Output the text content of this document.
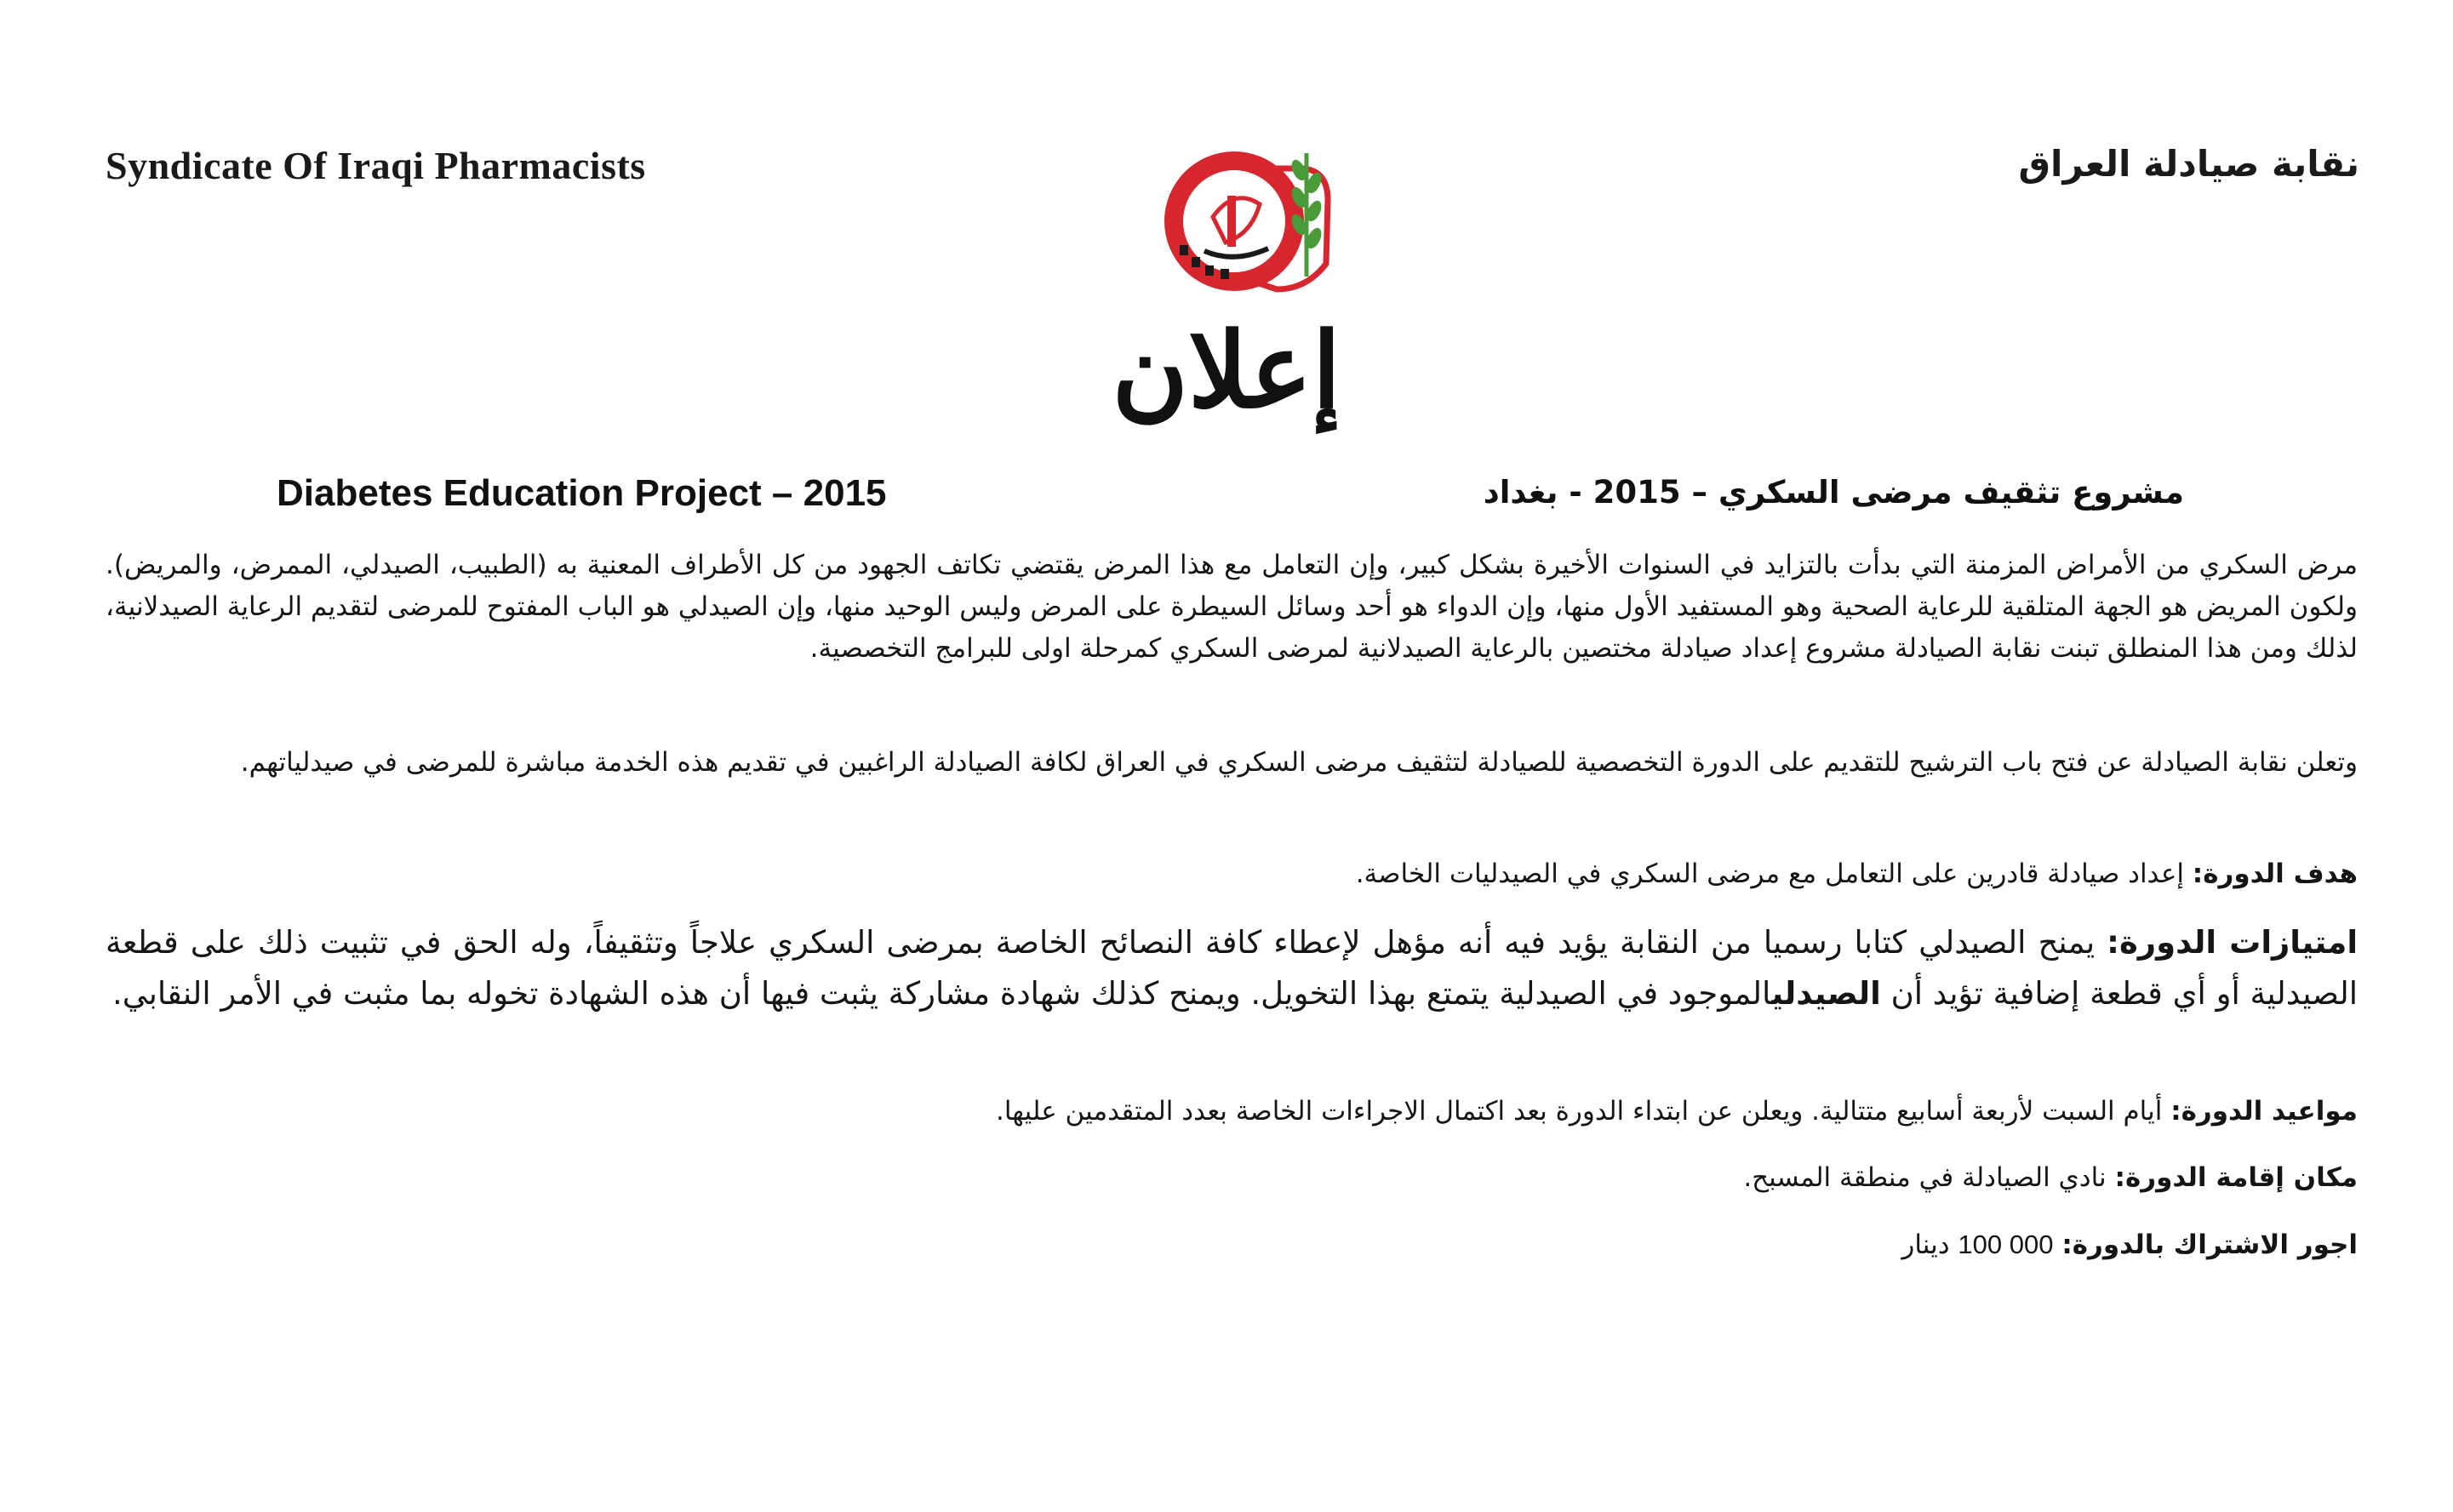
Syndicate Of Iraqi Pharmacists	نقابة صيادلة العراق
إعلان
Diabetes Education Project – 2015	مشروع تثقيف مرضى السكري – 2015 - بغداد
مرض السكري من الأمراض المزمنة التي بدأت بالتزايد في السنوات الأخيرة بشكل كبير، وإن التعامل مع هذا المرض يقتضي تكاتف الجهود من كل الأطراف المعنية به (الطبيب، الصيدلي، الممرض، والمريض). ولكون المريض هو الجهة المتلقية للرعاية الصحية وهو المستفيد الأول منها، وإن الدواء هو أحد وسائل السيطرة على المرض وليس الوحيد منها، وإن الصيدلي هو الباب المفتوح للمرضى لتقديم الرعاية الصيدلانية، لذلك ومن هذا المنطلق تبنت نقابة الصيادلة مشروع إعداد صيادلة مختصين بالرعاية الصيدلانية لمرضى السكري كمرحلة اولى للبرامج التخصصية.
وتعلن نقابة الصيادلة عن فتح باب الترشيح للتقديم على الدورة التخصصية للصيادلة لتثقيف مرضى السكري في العراق لكافة الصيادلة الراغبين في تقديم هذه الخدمة مباشرة للمرضى في صيدلياتهم.
هدف الدورة: إعداد صيادلة قادرين على التعامل مع مرضى السكري في الصيدليات الخاصة.
امتيازات الدورة: يمنح الصيدلي كتابا رسميا من النقابة يؤيد فيه أنه مؤهل لإعطاء كافة النصائح الخاصة بمرضى السكري علاجاً وتثقيفاً، وله الحق في تثبيت ذلك على قطعة الصيدلية أو أي قطعة إضافية تؤيد أن الصيدليالموجود في الصيدلية يتمتع بهذا التخويل. ويمنح كذلك شهادة مشاركة يثبت فيها أن هذه الشهادة تخوله بما مثبت في الأمر النقابي.
مواعيد الدورة: أيام السبت لأربعة أسابيع متتالية. ويعلن عن ابتداء الدورة بعد اكتمال الاجراءات الخاصة بعدد المتقدمين عليها.
مكان إقامة الدورة: نادي الصيادلة في منطقة المسبح.
اجور الاشتراك بالدورة: 100 000 دينار
